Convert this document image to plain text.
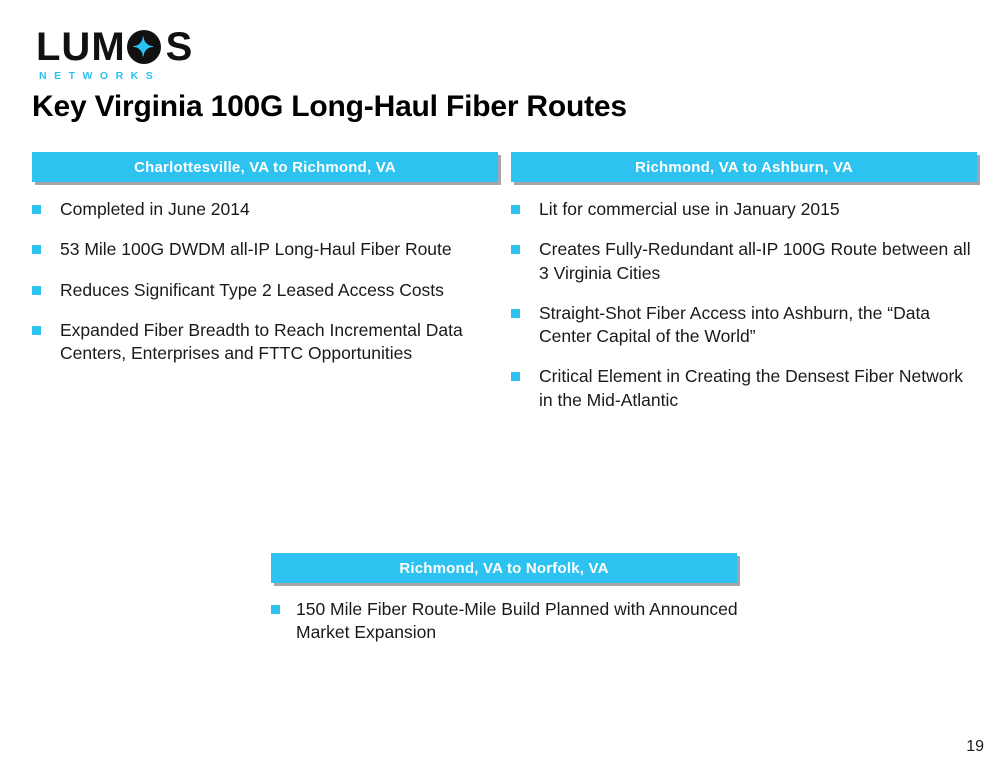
LUM ✦ S
NETWORKS
Key Virginia 100G Long-Haul Fiber Routes
Charlottesville, VA to Richmond, VA	Richmond, VA to Ashburn, VA
Richmond, VA to Norfolk, VA
Completed in June 2014
53 Mile 100G DWDM all-IP Long-Haul Fiber Route
Reduces Significant Type 2 Leased Access Costs
Expanded Fiber Breadth to Reach Incremental Data Centers, Enterprises and FTTC Opportunities
Lit for commercial use in January 2015
Creates Fully-Redundant all-IP 100G Route between all 3 Virginia Cities
Straight-Shot Fiber Access into Ashburn, the “Data Center Capital of the World”
Critical Element in Creating the Densest Fiber Network in the Mid-Atlantic
150 Mile Fiber Route-Mile Build Planned with Announced Market Expansion
19
